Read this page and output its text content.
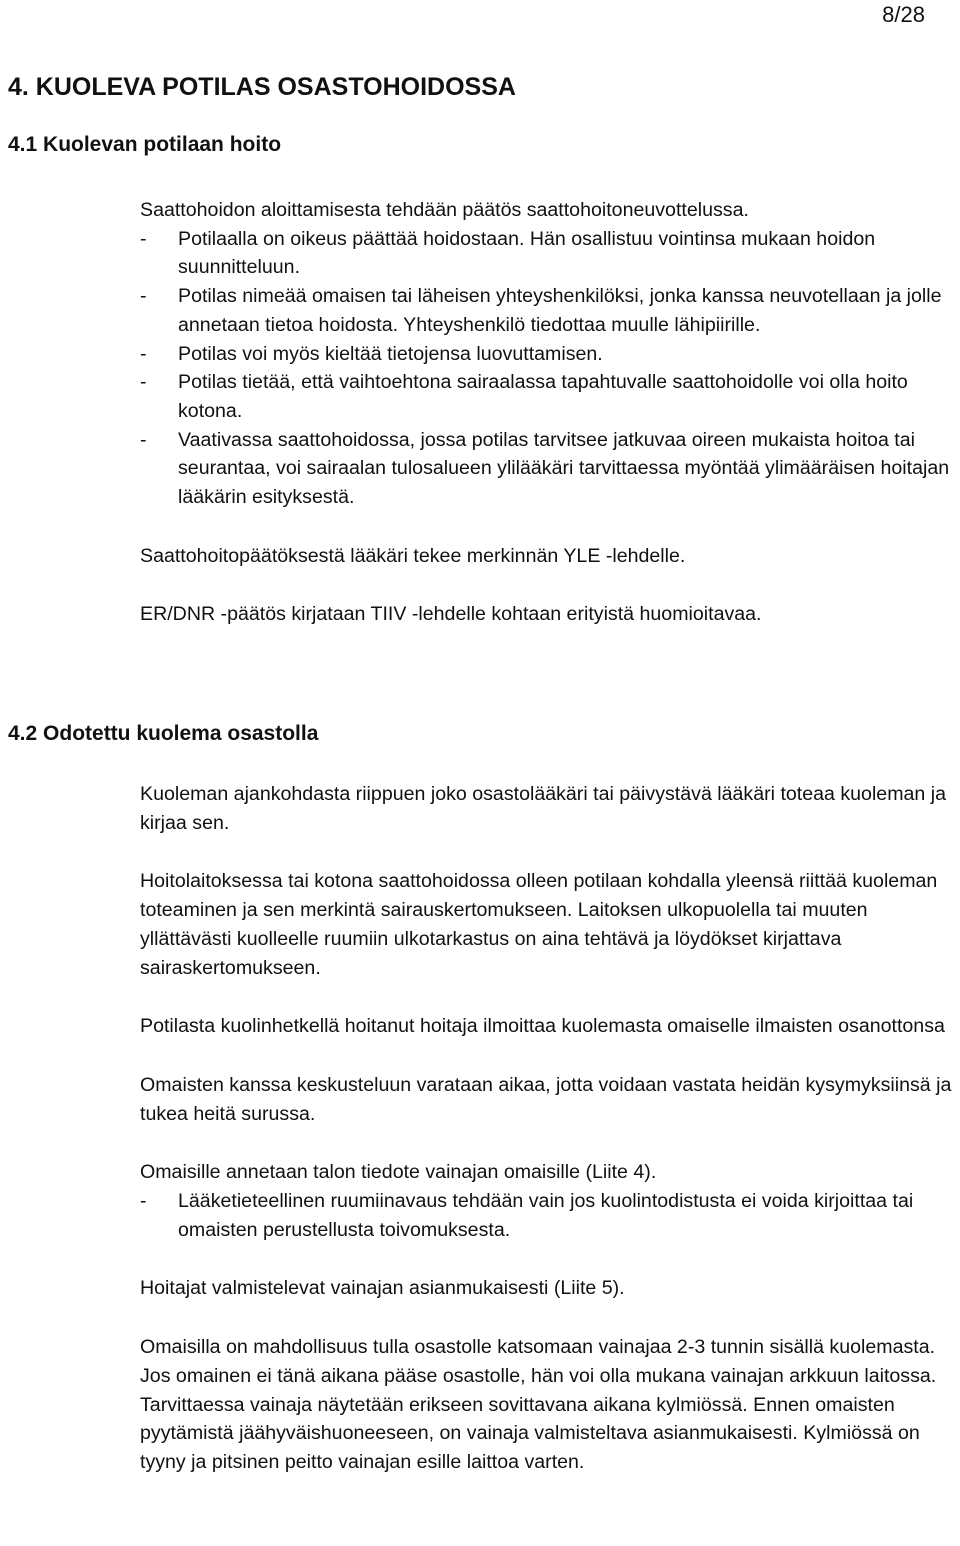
8/28
4. KUOLEVA POTILAS OSASTOHOIDOSSA
4.1 Kuolevan potilaan hoito

Saattohoidon aloittamisesta tehdään päätös saattohoitoneuvottelussa.

- Potilaalla on oikeus päättää hoidostaan. Hän osallistuu vointinsa mukaan hoidon suunnitteluun.
- Potilas nimeää omaisen tai läheisen yhteyshenkilöksi, jonka kanssa neuvotellaan ja jolle annetaan tietoa hoidosta. Yhteyshenkilö tiedottaa muulle lähipiirille.
- Potilas voi myös kieltää tietojensa luovuttamisen.
- Potilas tietää, että vaihtoehtona sairaalassa tapahtuvalle saattohoidolle voi olla hoito kotona.
- Vaativassa saattohoidossa, jossa potilas tarvitsee jatkuvaa oireen mukaista hoitoa tai seurantaa, voi sairaalan tulosalueen ylilääkäri tarvittaessa myöntää ylimääräisen hoitajan lääkärin esityksestä.

Saattohoitopäätöksestä lääkäri tekee merkinnän YLE -lehdelle.

ER/DNR -päätös kirjataan TIIV -lehdelle kohtaan erityistä huomioitavaa.

4.2 Odotettu kuolema osastolla

Kuoleman ajankohdasta riippuen joko osastolääkäri tai päivystävä lääkäri toteaa kuoleman ja kirjaa sen.

Hoitolaitoksessa tai kotona saattohoidossa olleen potilaan kohdalla yleensä riittää kuoleman toteaminen ja sen merkintä sairauskertomukseen. Laitoksen ulkopuolella tai muuten yllättävästi kuolleelle ruumiin ulkotarkastus on aina tehtävä ja löydökset kirjattava sairaskertomukseen.

Potilasta kuolinhetkellä hoitanut hoitaja ilmoittaa kuolemasta omaiselle ilmaisten osanottonsa

Omaisten kanssa keskusteluun varataan aikaa, jotta voidaan vastata heidän kysymyksiinsä ja tukea heitä surussa.

Omaisille annetaan talon tiedote vainajan omaisille (Liite 4).

- Lääketieteellinen ruumiinavaus tehdään vain jos kuolintodistusta ei voida kirjoittaa tai omaisten perustellusta toivomuksesta.

Hoitajat valmistelevat vainajan asianmukaisesti (Liite 5).

Omaisilla on mahdollisuus tulla osastolle katsomaan vainajaa 2-3 tunnin sisällä kuolemasta. Jos omainen ei tänä aikana pääse osastolle, hän voi olla mukana vainajan arkkuun laitossa. Tarvittaessa vainaja näytetään erikseen sovittavana aikana kylmiössä. Ennen omaisten pyytämistä jäähyväishuoneeseen, on vainaja valmisteltava asianmukaisesti. Kylmiössä on tyyny ja pitsinen peitto vainajan esille laittoa varten.
